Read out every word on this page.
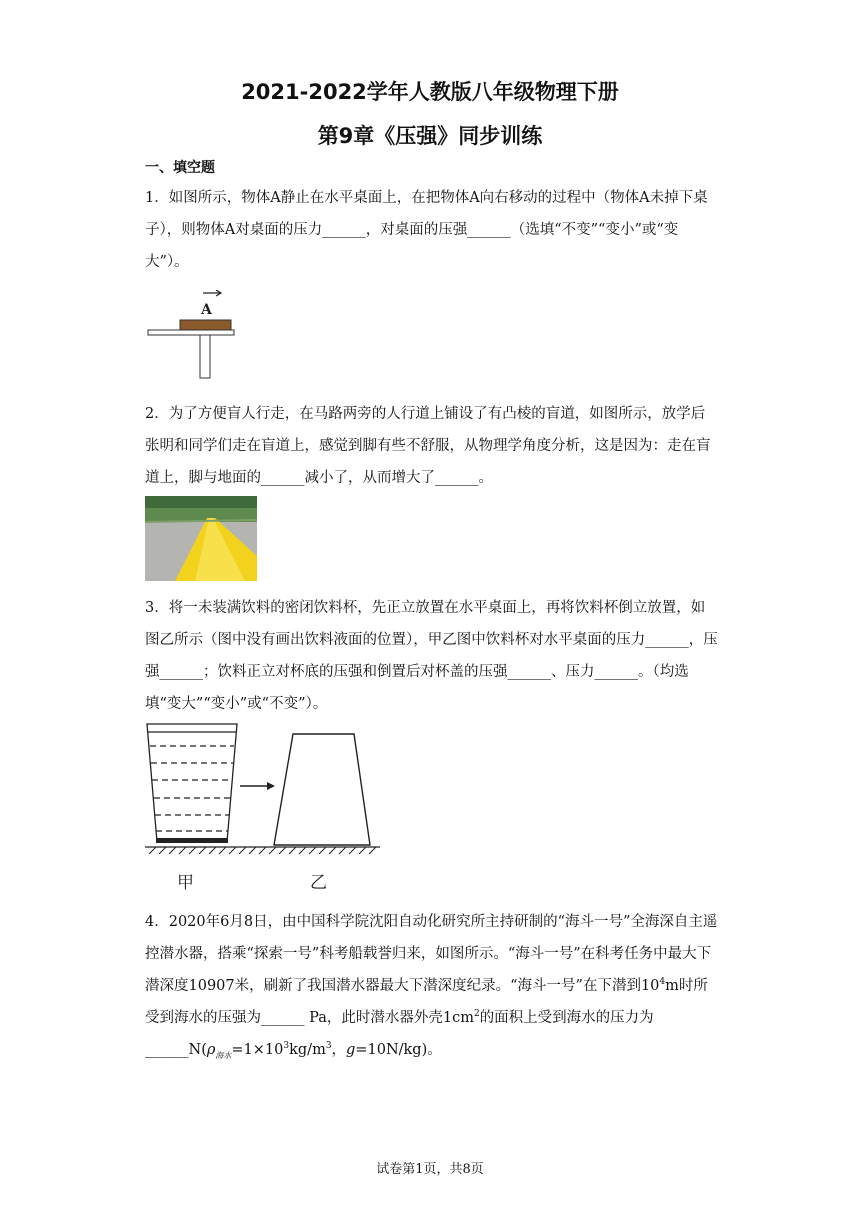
2021-2022学年人教版八年级物理下册
第9章《压强》同步训练
一、填空题
1．如图所示，物体A静止在水平桌面上，在把物体A向右移动的过程中（物体A未掉下桌子），则物体A对桌面的压力______，对桌面的压强______（选填“不变”“变小”或“变大”）。
A
2．为了方便盲人行走，在马路两旁的人行道上铺设了有凸棱的盲道，如图所示，放学后张明和同学们走在盲道上，感觉到脚有些不舒服，从物理学角度分析，这是因为：走在盲道上，脚与地面的______减小了，从而增大了______。
3．将一未装满饮料的密闭饮料杯，先正立放置在水平桌面上，再将饮料杯倒立放置，如图乙所示（图中没有画出饮料液面的位置），甲乙图中饮料杯对水平桌面的压力______，压强______；饮料正立对杯底的压强和倒置后对杯盖的压强______、压力______。（均选填“变大”“变小”或“不变”）。
甲	乙
4．2020年6月8日，由中国科学院沈阳自动化研究所主持研制的“海斗一号”全海深自主遥控潜水器，搭乘“探索一号”科考船载誉归来，如图所示。“海斗一号”在科考任务中最大下潜深度10907米，刷新了我国潜水器最大下潜深度纪录。“海斗一号”在下潜到$10^4m$时所受到海水的压强为______ Pa，此时潜水器外壳$1cm^2$的面积上受到海水的压力为$\_\_\_\_\_\_N(\rho_{海水}=1\times 10^3kg/m^3$，g=10N/kg)。
试卷第1页，共8页
